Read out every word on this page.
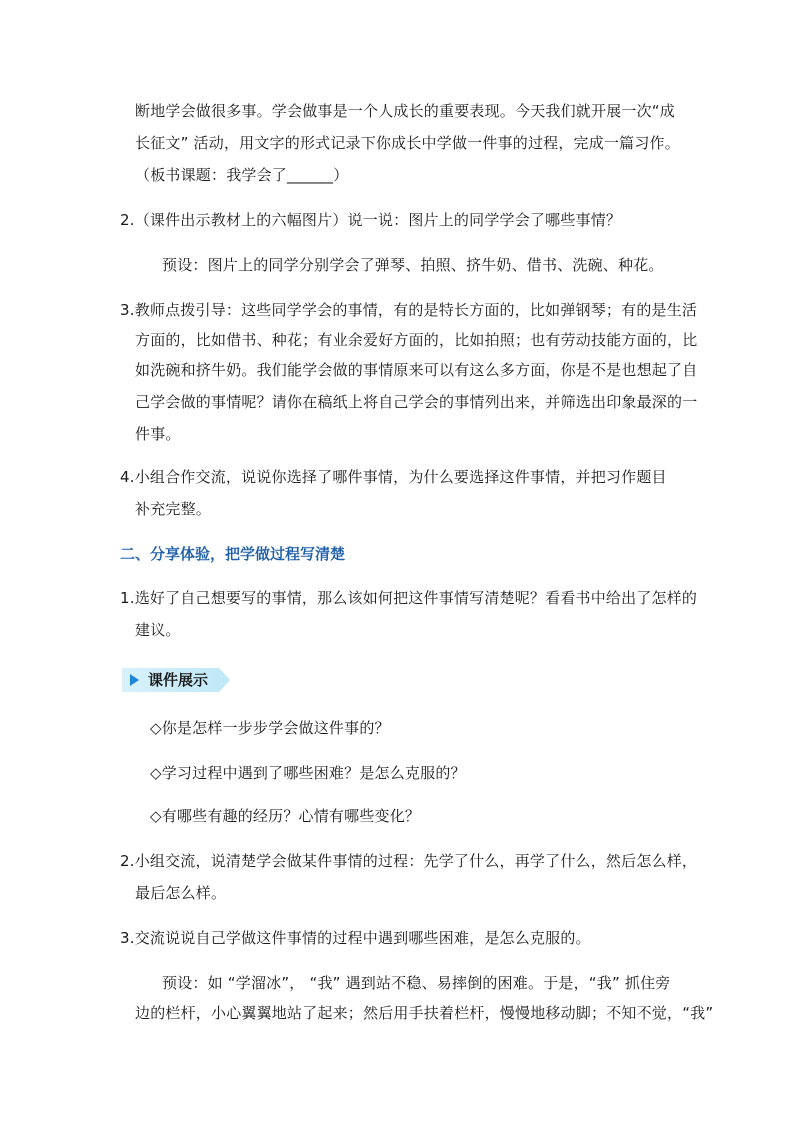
断地学会做很多事。学会做事是一个人成长的重要表现。今天我们就开展一次“成
长征文” 活动，用文字的形式记录下你成长中学做一件事的过程，完成一篇习作。
（板书课题：我学会了______）
2.（课件出示教材上的六幅图片）说一说：图片上的同学学会了哪些事情？
预设：图片上的同学分别学会了弹琴、拍照、挤牛奶、借书、洗碗、种花。
3.教师点拨引导：这些同学学会的事情，有的是特长方面的，比如弹钢琴；有的是生活
方面的，比如借书、种花；有业余爱好方面的，比如拍照；也有劳动技能方面的，比
如洗碗和挤牛奶。我们能学会做的事情原来可以有这么多方面，你是不是也想起了自
己学会做的事情呢？请你在稿纸上将自己学会的事情列出来，并筛选出印象最深的一
件事。
4.小组合作交流，说说你选择了哪件事情，为什么要选择这件事情，并把习作题目
补充完整。
二、分享体验，把学做过程写清楚
1.选好了自己想要写的事情，那么该如何把这件事情写清楚呢？看看书中给出了怎样的
建议。
课件展示
◇你是怎样一步步学会做这件事的？
◇学习过程中遇到了哪些困难？是怎么克服的？
◇有哪些有趣的经历？心情有哪些变化？
2.小组交流，说清楚学会做某件事情的过程：先学了什么，再学了什么，然后怎么样，
最后怎么样。
3.交流说说自己学做这件事情的过程中遇到哪些困难，是怎么克服的。
预设：如 “学溜冰”， “我” 遇到站不稳、易摔倒的困难。于是，“我” 抓住旁
边的栏杆，小心翼翼地站了起来；然后用手扶着栏杆，慢慢地移动脚；不知不觉，“我”
